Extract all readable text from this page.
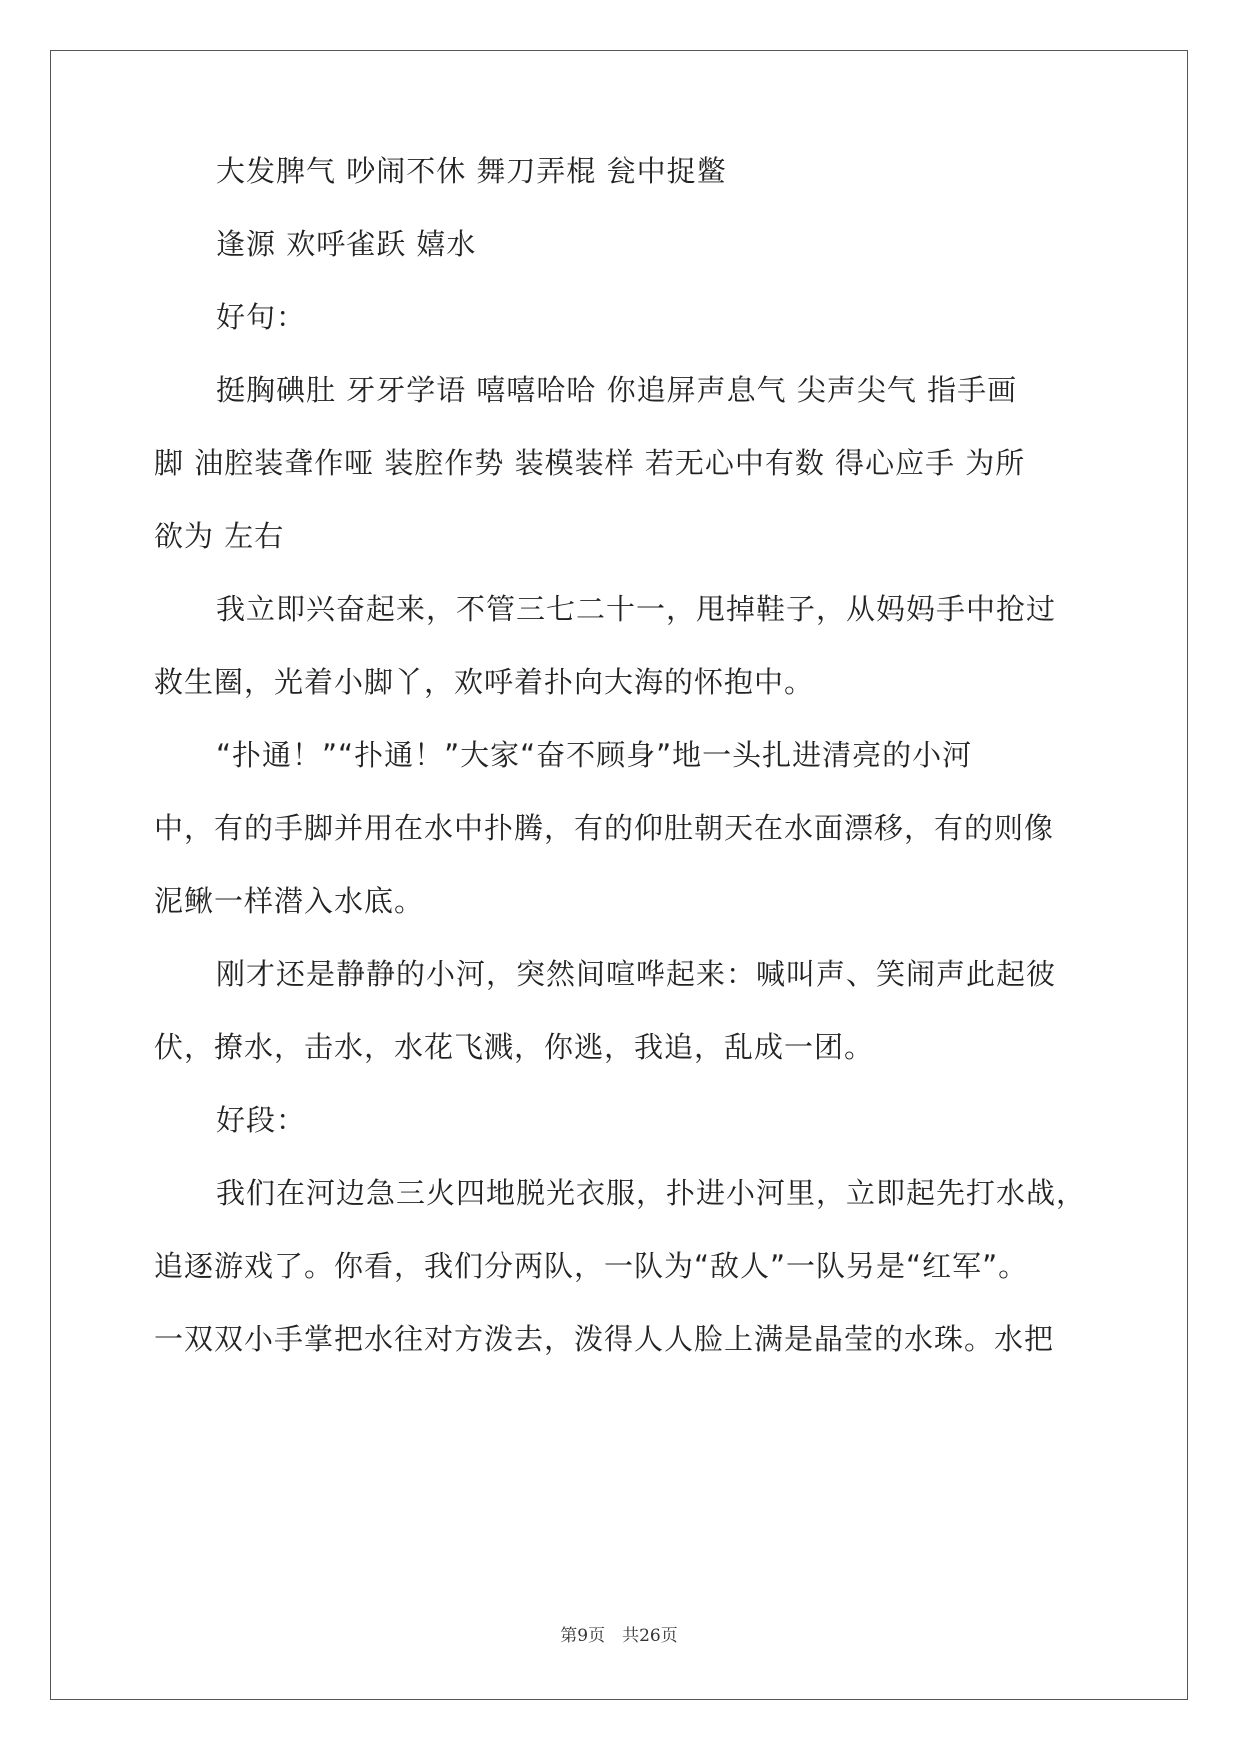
大发脾气 吵闹不休 舞刀弄棍 瓮中捉鳖
逢源 欢呼雀跃 嬉水
好句：
挺胸碘肚 牙牙学语 嘻嘻哈哈 你追屏声息气 尖声尖气 指手画
脚 油腔装聋作哑 装腔作势 装模装样 若无心中有数 得心应手 为所
欲为 左右
我立即兴奋起来，不管三七二十一，甩掉鞋子，从妈妈手中抢过
救生圈，光着小脚丫，欢呼着扑向大海的怀抱中。
“扑通！”“扑通！”大家“奋不顾身”地一头扎进清亮的小河
中，有的手脚并用在水中扑腾，有的仰肚朝天在水面漂移，有的则像
泥鳅一样潜入水底。
刚才还是静静的小河，突然间喧哗起来：喊叫声、笑闹声此起彼
伏，撩水，击水，水花飞溅，你逃，我追，乱成一团。
好段：
我们在河边急三火四地脱光衣服，扑进小河里，立即起先打水战，
追逐游戏了。你看，我们分两队，一队为“敌人”一队另是“红军”。
一双双小手掌把水往对方泼去，泼得人人脸上满是晶莹的水珠。水把
第9页　共26页
